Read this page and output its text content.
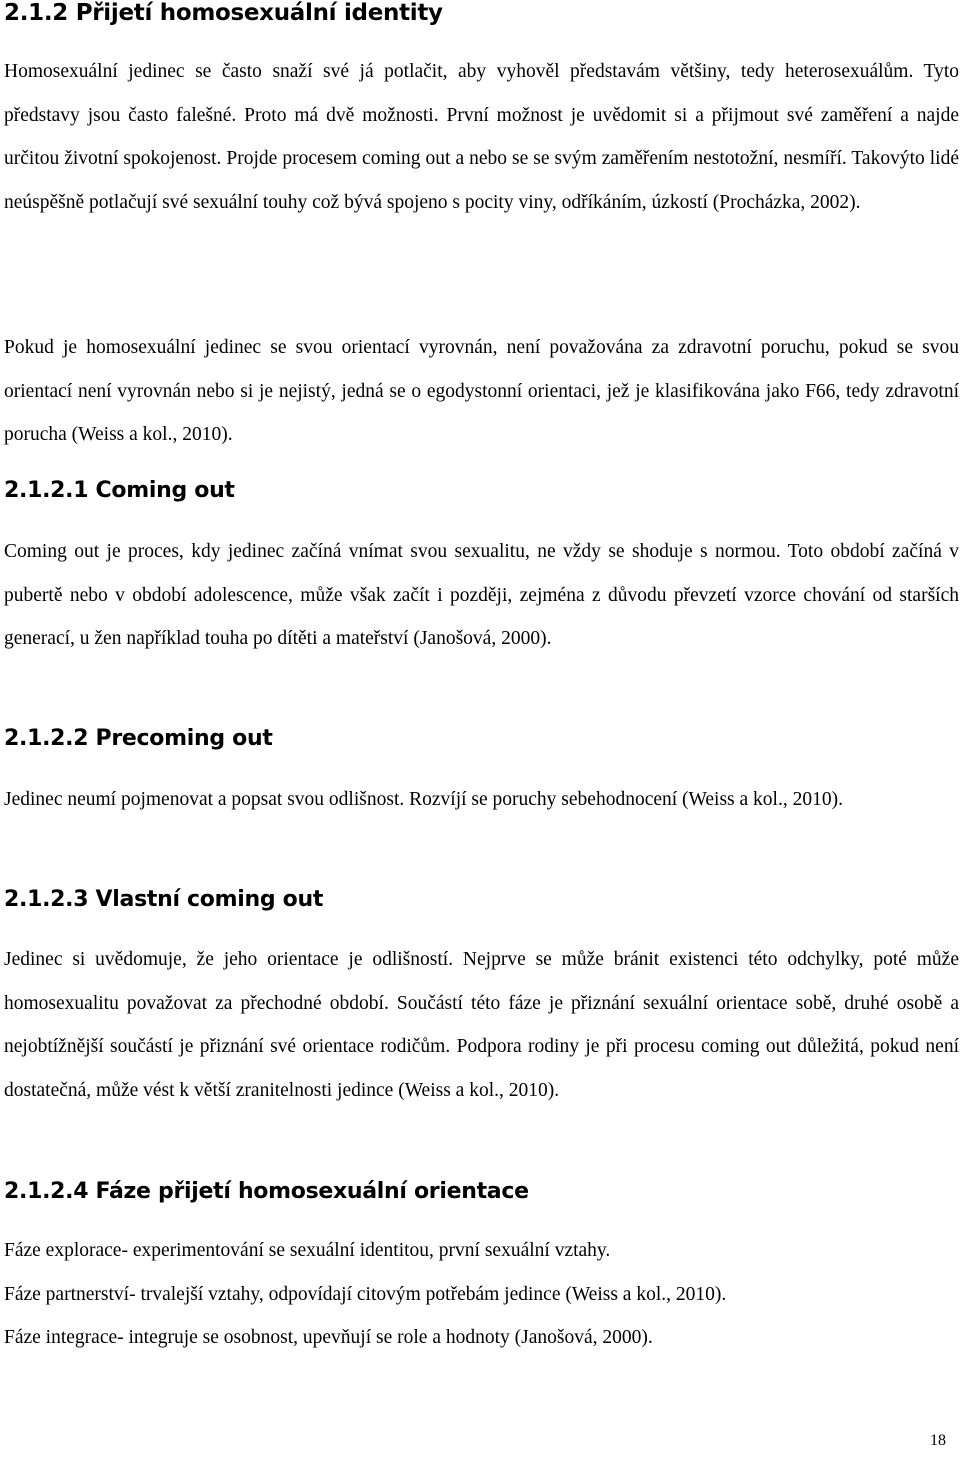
2.1.2 Přijetí homosexuální identity

Homosexuální jedinec se často snaží své já potlačit, aby vyhověl představám většiny, tedy heterosexuálům. Tyto představy jsou často falešné. Proto má dvě možnosti. První možnost je uvědomit si a přijmout své zaměření a najde určitou životní spokojenost. Projde procesem coming out a nebo se se svým zaměřením nestotožní, nesmíří. Takovýto lidé neúspěšně potlačují své sexuální touhy což bývá spojeno s pocity viny, odříkáním, úzkostí (Procházka, 2002).

Pokud je homosexuální jedinec se svou orientací vyrovnán, není považována za zdravotní poruchu, pokud se svou orientací není vyrovnán nebo si je nejistý, jedná se o egodystonní orientaci, jež je klasifikována jako F66, tedy zdravotní porucha (Weiss a kol., 2010).

2.1.2.1 Coming out

Coming out je proces, kdy jedinec začíná vnímat svou sexualitu, ne vždy se shoduje s normou. Toto období začíná v pubertě nebo v období adolescence, může však začít i později, zejména z důvodu převzetí vzorce chování od starších generací, u žen například touha po dítěti a mateřství (Janošová, 2000).

2.1.2.2 Precoming out

Jedinec neumí pojmenovat a popsat svou odlišnost. Rozvíjí se poruchy sebehodnocení (Weiss a kol., 2010).

2.1.2.3 Vlastní coming out

Jedinec si uvědomuje, že jeho orientace je odlišností. Nejprve se může bránit existenci této odchylky, poté může homosexualitu považovat za přechodné období. Součástí této fáze je přiznání sexuální orientace sobě, druhé osobě a nejobtížnější součástí je přiznání své orientace rodičům. Podpora rodiny je při procesu coming out důležitá, pokud není dostatečná, může vést k větší zranitelnosti jedince (Weiss a kol., 2010).

2.1.2.4 Fáze přijetí homosexuální orientace

Fáze explorace- experimentování se sexuální identitou, první sexuální vztahy.

Fáze partnerství- trvalejší vztahy, odpovídají citovým potřebám jedince (Weiss a kol., 2010).

Fáze integrace- integruje se osobnost, upevňují se role a hodnoty (Janošová, 2000).

18
